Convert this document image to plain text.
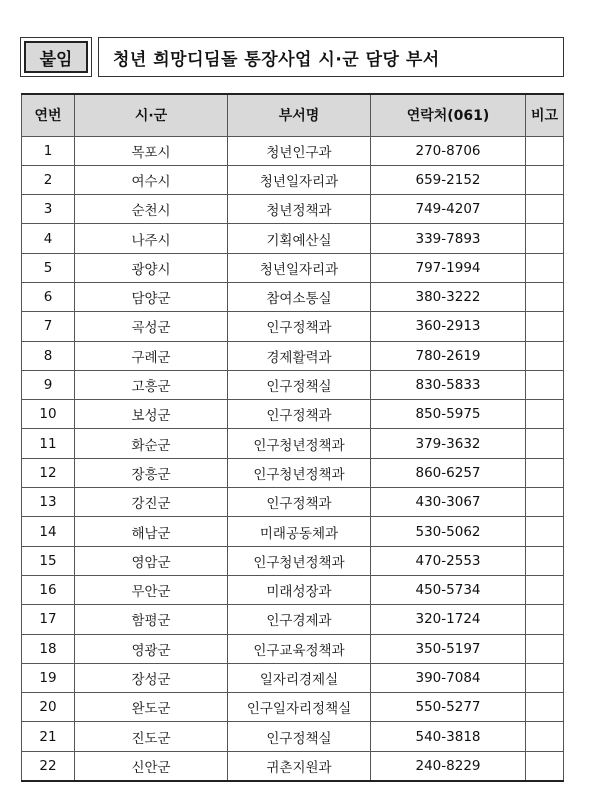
붙임	청년 희망디딤돌 통장사업 시·군 담당 부서
연번	시·군	부서명	연락처(061)	비고
1	목포시	청년인구과	270-8706	
2	여수시	청년일자리과	659-2152	
3	순천시	청년정책과	749-4207	
4	나주시	기획예산실	339-7893	
5	광양시	청년일자리과	797-1994	
6	담양군	참여소통실	380-3222	
7	곡성군	인구정책과	360-2913	
8	구례군	경제활력과	780-2619	
9	고흥군	인구정책실	830-5833	
10	보성군	인구정책과	850-5975	
11	화순군	인구청년정책과	379-3632	
12	장흥군	인구청년정책과	860-6257	
13	강진군	인구정책과	430-3067	
14	해남군	미래공동체과	530-5062	
15	영암군	인구청년정책과	470-2553	
16	무안군	미래성장과	450-5734	
17	함평군	인구경제과	320-1724	
18	영광군	인구교육정책과	350-5197	
19	장성군	일자리경제실	390-7084	
20	완도군	인구일자리정책실	550-5277	
21	진도군	인구정책실	540-3818	
22	신안군	귀촌지원과	240-8229	
